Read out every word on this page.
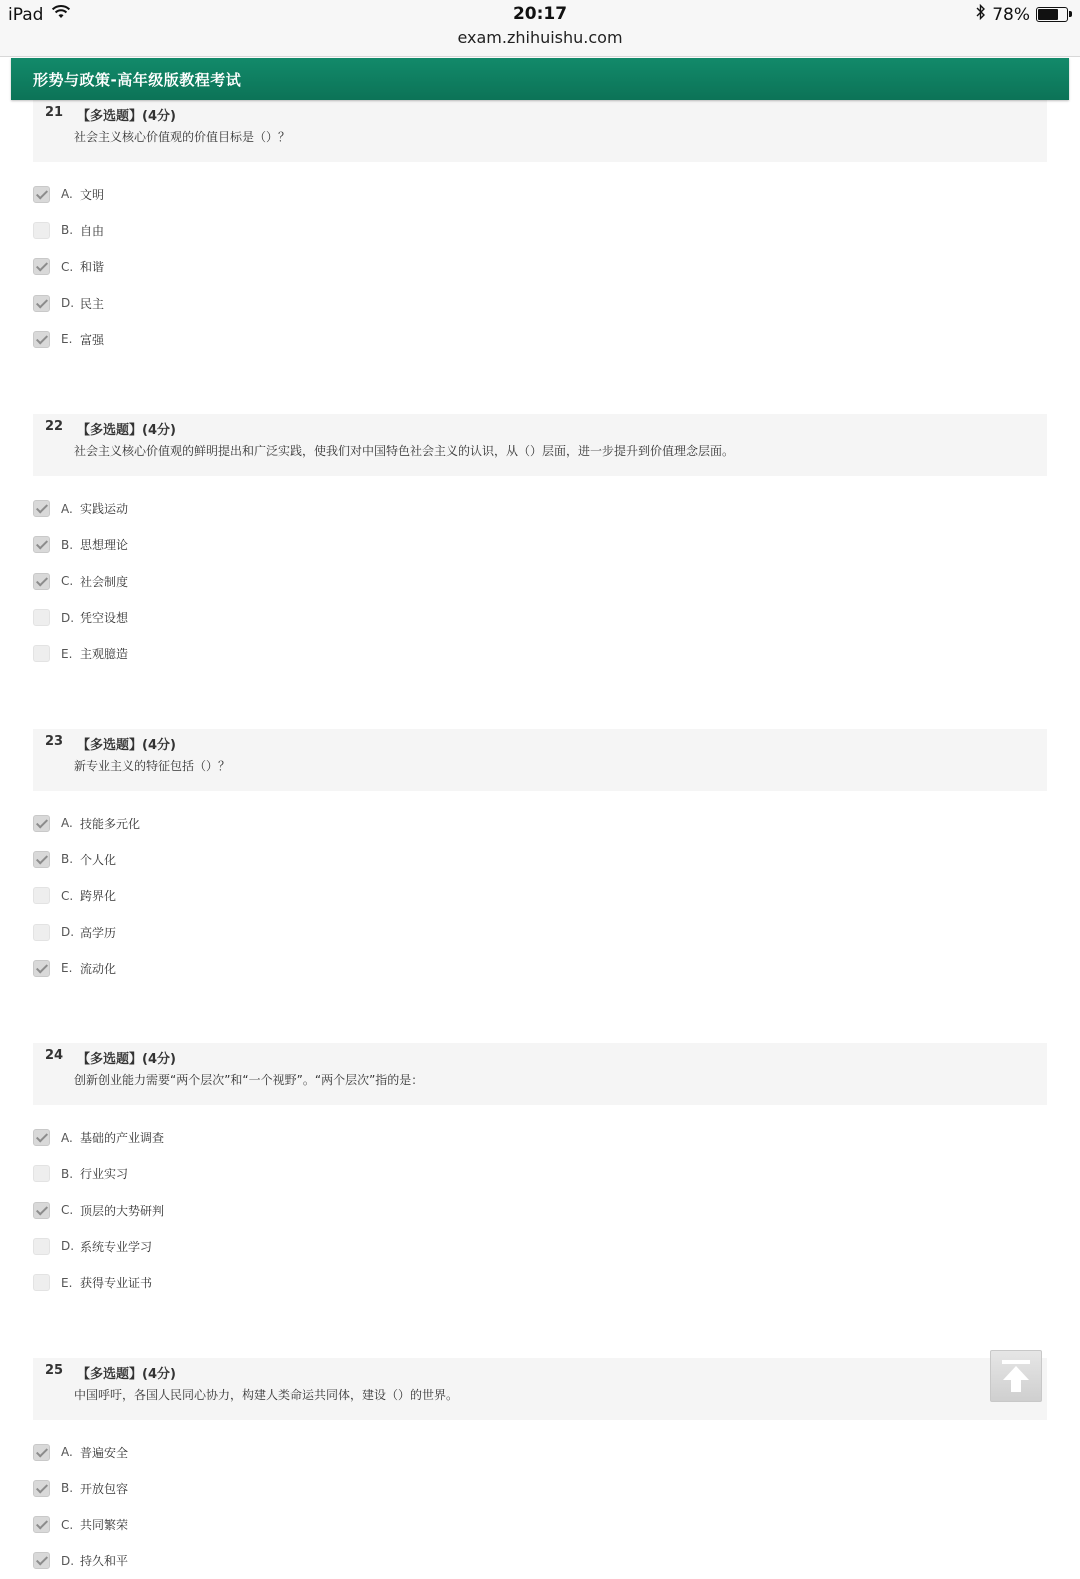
iPad	20:17
exam.zhihuishu.com
78%
形势与政策-高年级版教程考试
21 【多选题】(4分)
社会主义核心价值观的价值目标是（）？
A. 文明
B. 自由
C. 和谐
D. 民主
E. 富强
22 【多选题】(4分)
社会主义核心价值观的鲜明提出和广泛实践，使我们对中国特色社会主义的认识，从（）层面，进一步提升到价值理念层面。
A. 实践运动
B. 思想理论
C. 社会制度
D. 凭空设想
E. 主观臆造
23 【多选题】(4分)
新专业主义的特征包括（）？
A. 技能多元化
B. 个人化
C. 跨界化
D. 高学历
E. 流动化
24 【多选题】(4分)
创新创业能力需要“两个层次”和“一个视野”。“两个层次”指的是：
A. 基础的产业调查
B. 行业实习
C. 顶层的大势研判
D. 系统专业学习
E. 获得专业证书
25 【多选题】(4分)
中国呼吁，各国人民同心协力，构建人类命运共同体，建设（）的世界。
A. 普遍安全
B. 开放包容
C. 共同繁荣
D. 持久和平
